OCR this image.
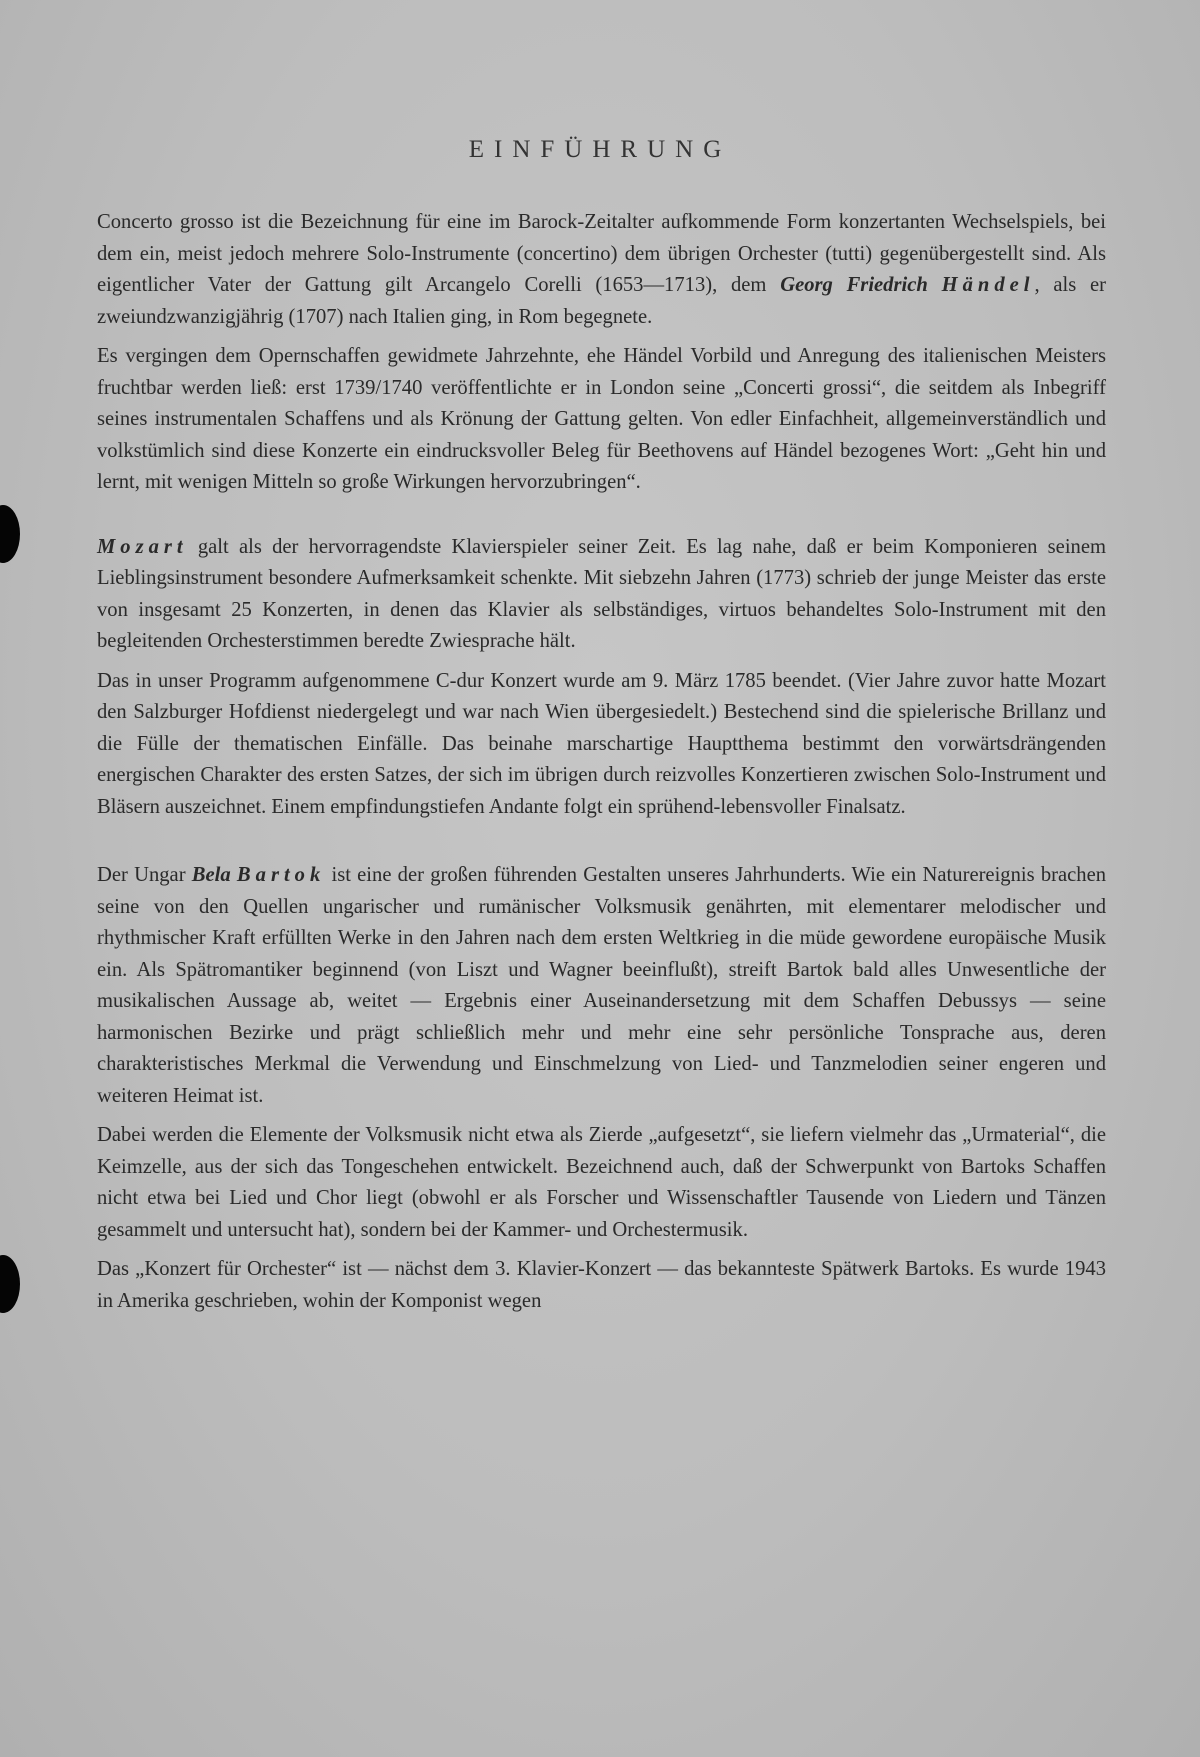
EINFÜHRUNG

Concerto grosso ist die Bezeichnung für eine im Barock-Zeitalter aufkommende Form konzertanten Wechselspiels, bei dem ein, meist jedoch mehrere Solo-Instrumente (concertino) dem übrigen Orchester (tutti) gegenübergestellt sind. Als eigentlicher Vater der Gattung gilt Arcangelo Corelli (1653—1713), dem Georg Friedrich Händel, als er zweiundzwanzigjährig (1707) nach Italien ging, in Rom begegnete.

Es vergingen dem Opernschaffen gewidmete Jahrzehnte, ehe Händel Vorbild und Anregung des italienischen Meisters fruchtbar werden ließ: erst 1739/1740 veröffentlichte er in London seine „Concerti grossi“, die seitdem als Inbegriff seines instrumentalen Schaffens und als Krönung der Gattung gelten. Von edler Einfachheit, allgemeinverständlich und volkstümlich sind diese Konzerte ein eindrucksvoller Beleg für Beethovens auf Händel bezogenes Wort: „Geht hin und lernt, mit wenigen Mitteln so große Wirkungen hervorzubringen“.

Mozart galt als der hervorragendste Klavierspieler seiner Zeit. Es lag nahe, daß er beim Komponieren seinem Lieblingsinstrument besondere Aufmerksamkeit schenkte. Mit siebzehn Jahren (1773) schrieb der junge Meister das erste von insgesamt 25 Konzerten, in denen das Klavier als selbständiges, virtuos behandeltes Solo-Instrument mit den begleitenden Orchesterstimmen beredte Zwiesprache hält.

Das in unser Programm aufgenommene C-dur Konzert wurde am 9. März 1785 beendet. (Vier Jahre zuvor hatte Mozart den Salzburger Hofdienst niedergelegt und war nach Wien übergesiedelt.) Bestechend sind die spielerische Brillanz und die Fülle der thematischen Einfälle. Das beinahe marschartige Hauptthema bestimmt den vorwärtsdrängenden energischen Charakter des ersten Satzes, der sich im übrigen durch reizvolles Konzertieren zwischen Solo-Instrument und Bläsern auszeichnet. Einem empfindungstiefen Andante folgt ein sprühend-lebensvoller Finalsatz.

Der Ungar Bela Bartok ist eine der großen führenden Gestalten unseres Jahrhunderts. Wie ein Naturereignis brachen seine von den Quellen ungarischer und rumänischer Volksmusik genährten, mit elementarer melodischer und rhythmischer Kraft erfüllten Werke in den Jahren nach dem ersten Weltkrieg in die müde gewordene europäische Musik ein. Als Spätromantiker beginnend (von Liszt und Wagner beeinflußt), streift Bartok bald alles Unwesentliche der musikalischen Aussage ab, weitet — Ergebnis einer Auseinandersetzung mit dem Schaffen Debussys — seine harmonischen Bezirke und prägt schließlich mehr und mehr eine sehr persönliche Tonsprache aus, deren charakteristisches Merkmal die Verwendung und Einschmelzung von Lied- und Tanzmelodien seiner engeren und weiteren Heimat ist.

Dabei werden die Elemente der Volksmusik nicht etwa als Zierde „aufgesetzt“, sie liefern vielmehr das „Urmaterial“, die Keimzelle, aus der sich das Tongeschehen entwickelt. Bezeichnend auch, daß der Schwerpunkt von Bartoks Schaffen nicht etwa bei Lied und Chor liegt (obwohl er als Forscher und Wissenschaftler Tausende von Liedern und Tänzen gesammelt und untersucht hat), sondern bei der Kammer- und Orchestermusik.

Das „Konzert für Orchester“ ist — nächst dem 3. Klavier-Konzert — das bekannteste Spätwerk Bartoks. Es wurde 1943 in Amerika geschrieben, wohin der Komponist wegen
